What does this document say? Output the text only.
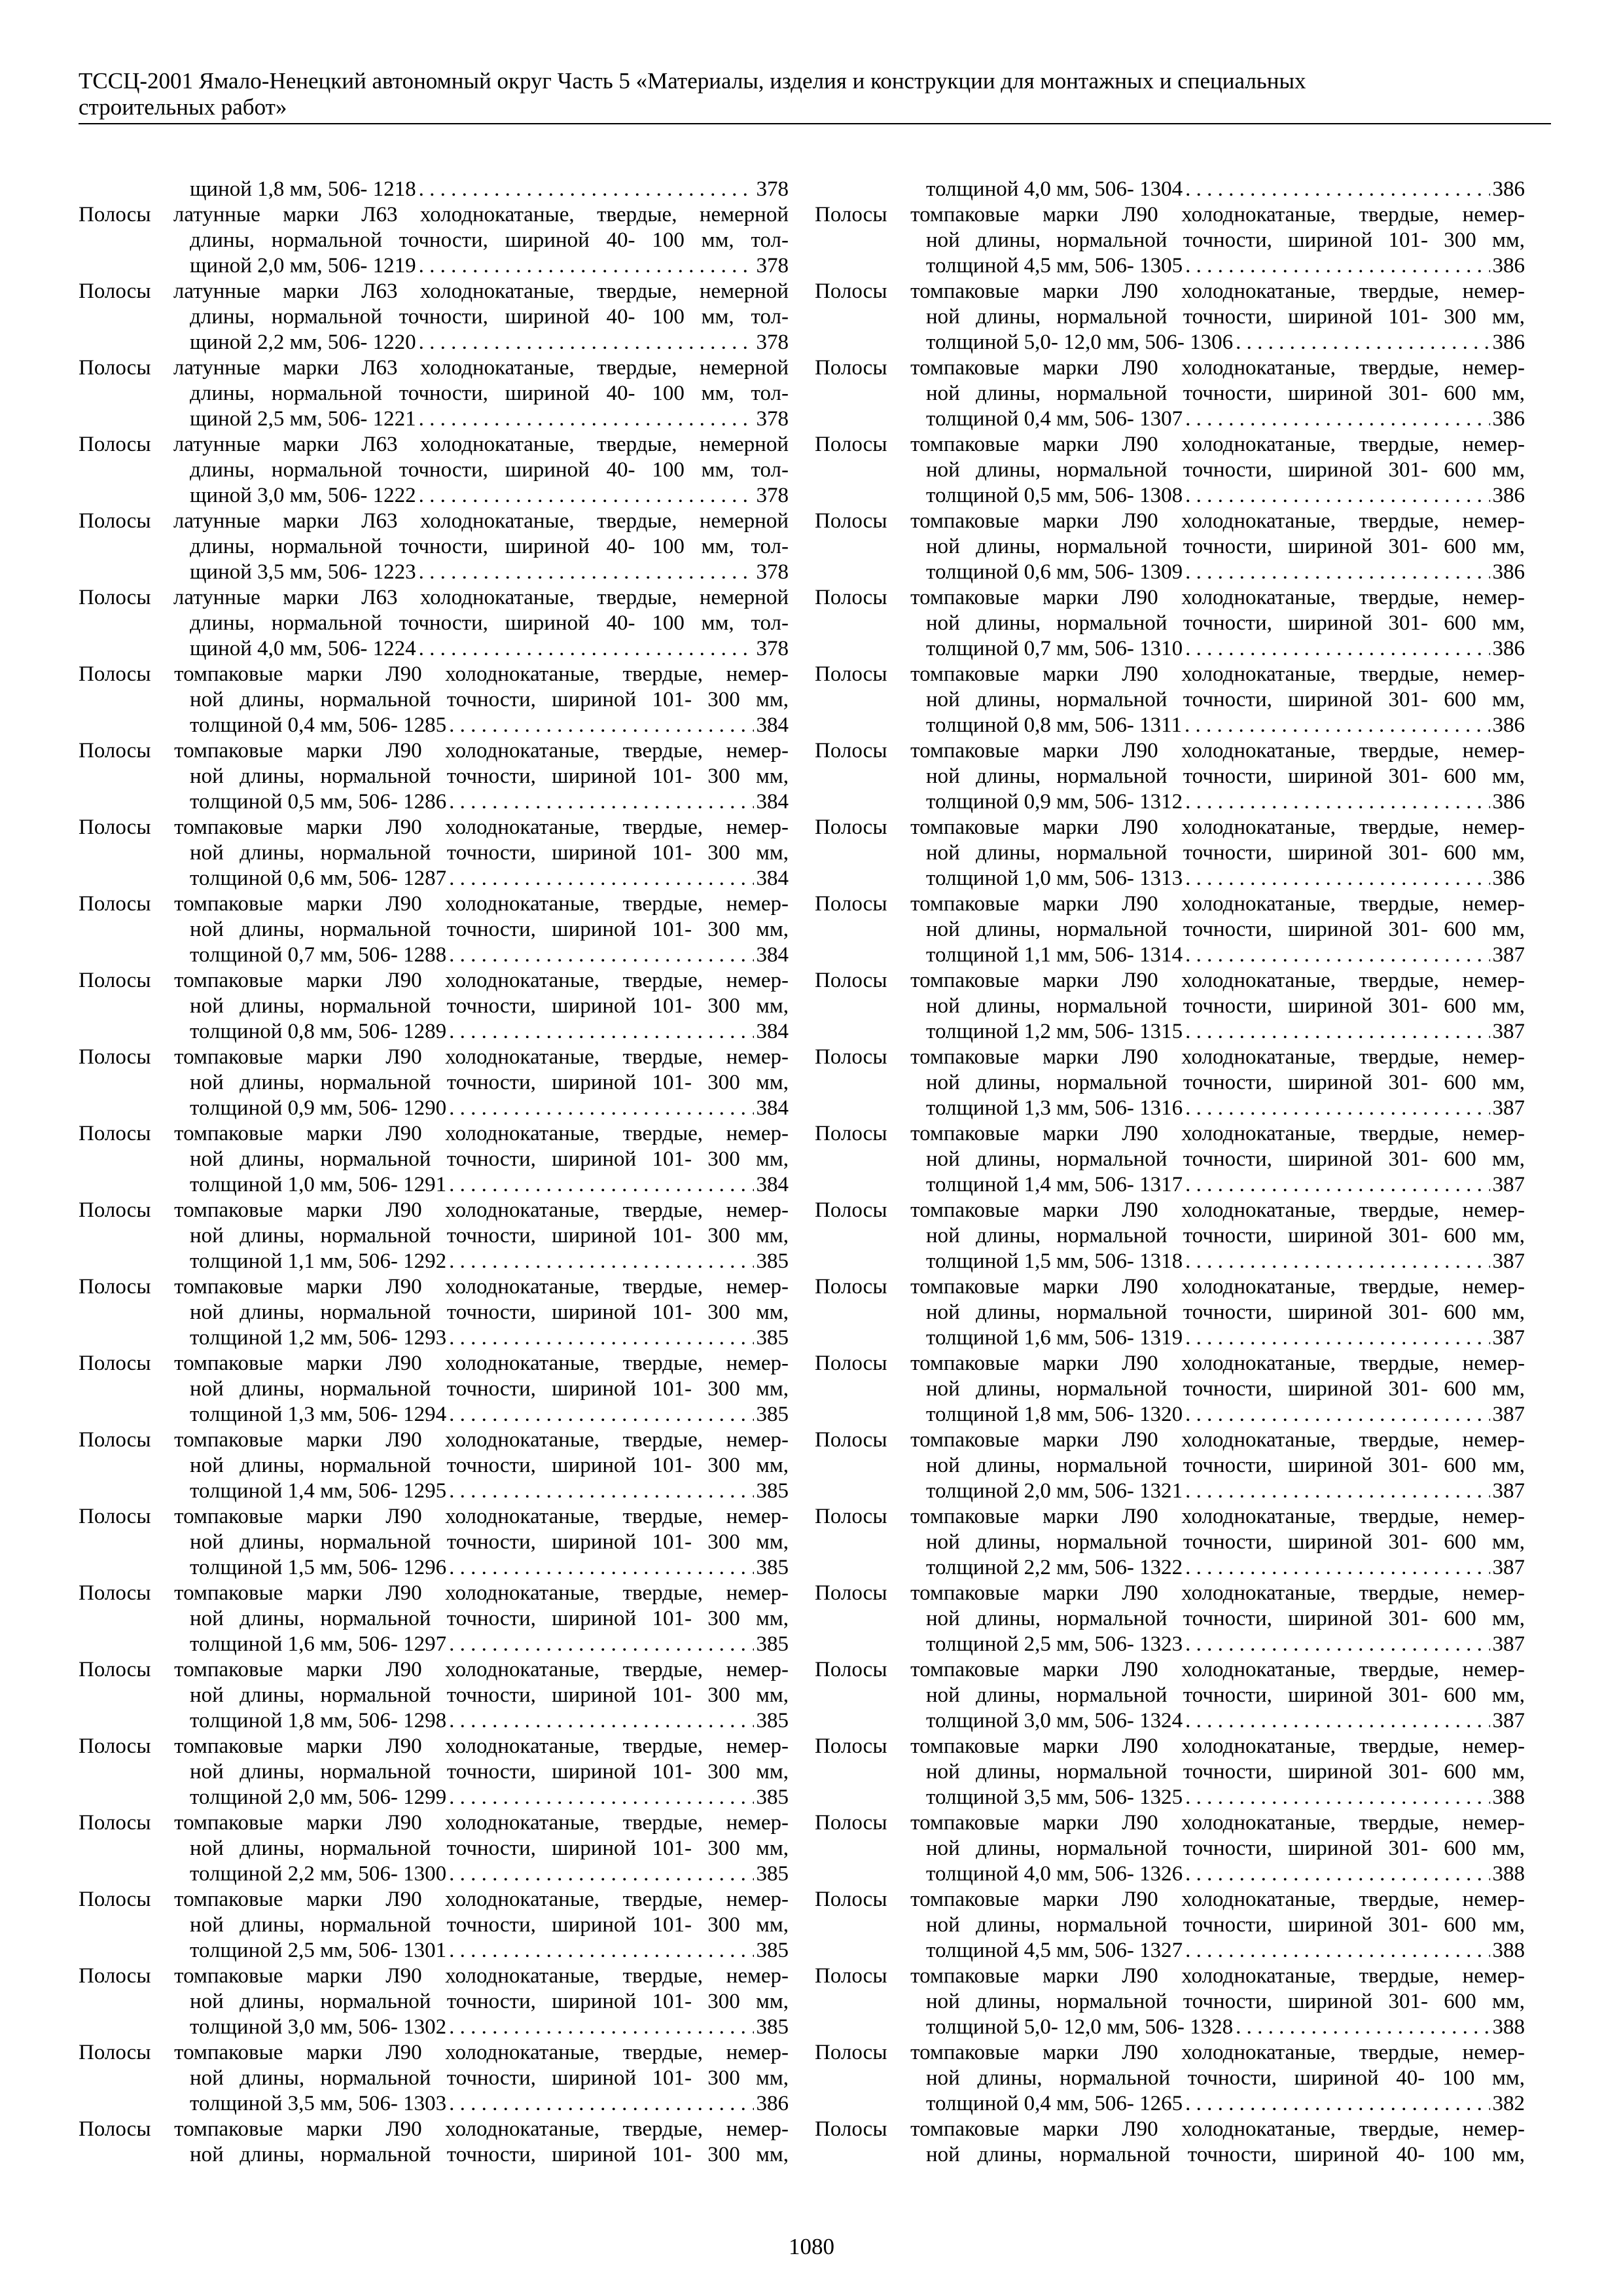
ТССЦ-2001 Ямало-Ненецкий автономный округ Часть 5 «Материалы, изделия и конструкции для монтажных и специальных
строительных работ»
щиной 1,8 мм, 506- 1218 . . .	378
Полосы латунные марки Л63 холоднокатаные, твердые, немерной
длины, нормальной точности, шириной 40- 100 мм, тол-
щиной 2,0 мм, 506- 1219 . . .	378
Полосы латунные марки Л63 холоднокатаные, твердые, немерной
длины, нормальной точности, шириной 40- 100 мм, тол-
щиной 2,2 мм, 506- 1220 . . .	378
Полосы латунные марки Л63 холоднокатаные, твердые, немерной
длины, нормальной точности, шириной 40- 100 мм, тол-
щиной 2,5 мм, 506- 1221 . . .	378
Полосы латунные марки Л63 холоднокатаные, твердые, немерной
длины, нормальной точности, шириной 40- 100 мм, тол-
щиной 3,0 мм, 506- 1222 . . .	378
Полосы латунные марки Л63 холоднокатаные, твердые, немерной
длины, нормальной точности, шириной 40- 100 мм, тол-
щиной 3,5 мм, 506- 1223 . . .	378
Полосы латунные марки Л63 холоднокатаные, твердые, немерной
длины, нормальной точности, шириной 40- 100 мм, тол-
щиной 4,0 мм, 506- 1224 . . .	378
Полосы томпаковые марки Л90 холоднокатаные, твердые, немер-
ной длины, нормальной точности, шириной 101- 300 мм,
толщиной 0,4 мм, 506- 1285 . . .	384
Полосы томпаковые марки Л90 холоднокатаные, твердые, немер-
ной длины, нормальной точности, шириной 101- 300 мм,
толщиной 0,5 мм, 506- 1286 . . .	384
Полосы томпаковые марки Л90 холоднокатаные, твердые, немер-
ной длины, нормальной точности, шириной 101- 300 мм,
толщиной 0,6 мм, 506- 1287 . . .	384
Полосы томпаковые марки Л90 холоднокатаные, твердые, немер-
ной длины, нормальной точности, шириной 101- 300 мм,
толщиной 0,7 мм, 506- 1288 . . .	384
Полосы томпаковые марки Л90 холоднокатаные, твердые, немер-
ной длины, нормальной точности, шириной 101- 300 мм,
толщиной 0,8 мм, 506- 1289 . . .	384
Полосы томпаковые марки Л90 холоднокатаные, твердые, немер-
ной длины, нормальной точности, шириной 101- 300 мм,
толщиной 0,9 мм, 506- 1290 . . .	384
Полосы томпаковые марки Л90 холоднокатаные, твердые, немер-
ной длины, нормальной точности, шириной 101- 300 мм,
толщиной 1,0 мм, 506- 1291 . . .	384
Полосы томпаковые марки Л90 холоднокатаные, твердые, немер-
ной длины, нормальной точности, шириной 101- 300 мм,
толщиной 1,1 мм, 506- 1292 . . .	385
Полосы томпаковые марки Л90 холоднокатаные, твердые, немер-
ной длины, нормальной точности, шириной 101- 300 мм,
толщиной 1,2 мм, 506- 1293 . . .	385
Полосы томпаковые марки Л90 холоднокатаные, твердые, немер-
ной длины, нормальной точности, шириной 101- 300 мм,
толщиной 1,3 мм, 506- 1294 . . .	385
Полосы томпаковые марки Л90 холоднокатаные, твердые, немер-
ной длины, нормальной точности, шириной 101- 300 мм,
толщиной 1,4 мм, 506- 1295 . . .	385
Полосы томпаковые марки Л90 холоднокатаные, твердые, немер-
ной длины, нормальной точности, шириной 101- 300 мм,
толщиной 1,5 мм, 506- 1296 . . .	385
Полосы томпаковые марки Л90 холоднокатаные, твердые, немер-
ной длины, нормальной точности, шириной 101- 300 мм,
толщиной 1,6 мм, 506- 1297 . . .	385
Полосы томпаковые марки Л90 холоднокатаные, твердые, немер-
ной длины, нормальной точности, шириной 101- 300 мм,
толщиной 1,8 мм, 506- 1298 . . .	385
Полосы томпаковые марки Л90 холоднокатаные, твердые, немер-
ной длины, нормальной точности, шириной 101- 300 мм,
толщиной 2,0 мм, 506- 1299 . . .	385
Полосы томпаковые марки Л90 холоднокатаные, твердые, немер-
ной длины, нормальной точности, шириной 101- 300 мм,
толщиной 2,2 мм, 506- 1300 . . .	385
Полосы томпаковые марки Л90 холоднокатаные, твердые, немер-
ной длины, нормальной точности, шириной 101- 300 мм,
толщиной 2,5 мм, 506- 1301 . . .	385
Полосы томпаковые марки Л90 холоднокатаные, твердые, немер-
ной длины, нормальной точности, шириной 101- 300 мм,
толщиной 3,0 мм, 506- 1302 . . .	385
Полосы томпаковые марки Л90 холоднокатаные, твердые, немер-
ной длины, нормальной точности, шириной 101- 300 мм,
толщиной 3,5 мм, 506- 1303 . . .	386
Полосы томпаковые марки Л90 холоднокатаные, твердые, немер-
ной длины, нормальной точности, шириной 101- 300 мм,
толщиной 4,0 мм, 506- 1304 . . .	386
Полосы томпаковые марки Л90 холоднокатаные, твердые, немер-
ной длины, нормальной точности, шириной 101- 300 мм,
толщиной 4,5 мм, 506- 1305 . . .	386
Полосы томпаковые марки Л90 холоднокатаные, твердые, немер-
ной длины, нормальной точности, шириной 101- 300 мм,
толщиной 5,0- 12,0 мм, 506- 1306 . . .	386
Полосы томпаковые марки Л90 холоднокатаные, твердые, немер-
ной длины, нормальной точности, шириной 301- 600 мм,
толщиной 0,4 мм, 506- 1307 . . .	386
Полосы томпаковые марки Л90 холоднокатаные, твердые, немер-
ной длины, нормальной точности, шириной 301- 600 мм,
толщиной 0,5 мм, 506- 1308 . . .	386
Полосы томпаковые марки Л90 холоднокатаные, твердые, немер-
ной длины, нормальной точности, шириной 301- 600 мм,
толщиной 0,6 мм, 506- 1309 . . .	386
Полосы томпаковые марки Л90 холоднокатаные, твердые, немер-
ной длины, нормальной точности, шириной 301- 600 мм,
толщиной 0,7 мм, 506- 1310 . . .	386
Полосы томпаковые марки Л90 холоднокатаные, твердые, немер-
ной длины, нормальной точности, шириной 301- 600 мм,
толщиной 0,8 мм, 506- 1311 . . .	386
Полосы томпаковые марки Л90 холоднокатаные, твердые, немер-
ной длины, нормальной точности, шириной 301- 600 мм,
толщиной 0,9 мм, 506- 1312 . . .	386
Полосы томпаковые марки Л90 холоднокатаные, твердые, немер-
ной длины, нормальной точности, шириной 301- 600 мм,
толщиной 1,0 мм, 506- 1313 . . .	386
Полосы томпаковые марки Л90 холоднокатаные, твердые, немер-
ной длины, нормальной точности, шириной 301- 600 мм,
толщиной 1,1 мм, 506- 1314 . . .	387
Полосы томпаковые марки Л90 холоднокатаные, твердые, немер-
ной длины, нормальной точности, шириной 301- 600 мм,
толщиной 1,2 мм, 506- 1315 . . .	387
Полосы томпаковые марки Л90 холоднокатаные, твердые, немер-
ной длины, нормальной точности, шириной 301- 600 мм,
толщиной 1,3 мм, 506- 1316 . . .	387
Полосы томпаковые марки Л90 холоднокатаные, твердые, немер-
ной длины, нормальной точности, шириной 301- 600 мм,
толщиной 1,4 мм, 506- 1317 . . .	387
Полосы томпаковые марки Л90 холоднокатаные, твердые, немер-
ной длины, нормальной точности, шириной 301- 600 мм,
толщиной 1,5 мм, 506- 1318 . . .	387
Полосы томпаковые марки Л90 холоднокатаные, твердые, немер-
ной длины, нормальной точности, шириной 301- 600 мм,
толщиной 1,6 мм, 506- 1319 . . .	387
Полосы томпаковые марки Л90 холоднокатаные, твердые, немер-
ной длины, нормальной точности, шириной 301- 600 мм,
толщиной 1,8 мм, 506- 1320 . . .	387
Полосы томпаковые марки Л90 холоднокатаные, твердые, немер-
ной длины, нормальной точности, шириной 301- 600 мм,
толщиной 2,0 мм, 506- 1321 . . .	387
Полосы томпаковые марки Л90 холоднокатаные, твердые, немер-
ной длины, нормальной точности, шириной 301- 600 мм,
толщиной 2,2 мм, 506- 1322 . . .	387
Полосы томпаковые марки Л90 холоднокатаные, твердые, немер-
ной длины, нормальной точности, шириной 301- 600 мм,
толщиной 2,5 мм, 506- 1323 . . .	387
Полосы томпаковые марки Л90 холоднокатаные, твердые, немер-
ной длины, нормальной точности, шириной 301- 600 мм,
толщиной 3,0 мм, 506- 1324 . . .	387
Полосы томпаковые марки Л90 холоднокатаные, твердые, немер-
ной длины, нормальной точности, шириной 301- 600 мм,
толщиной 3,5 мм, 506- 1325 . . .	388
Полосы томпаковые марки Л90 холоднокатаные, твердые, немер-
ной длины, нормальной точности, шириной 301- 600 мм,
толщиной 4,0 мм, 506- 1326 . . .	388
Полосы томпаковые марки Л90 холоднокатаные, твердые, немер-
ной длины, нормальной точности, шириной 301- 600 мм,
толщиной 4,5 мм, 506- 1327 . . .	388
Полосы томпаковые марки Л90 холоднокатаные, твердые, немер-
ной длины, нормальной точности, шириной 301- 600 мм,
толщиной 5,0- 12,0 мм, 506- 1328 . . .	388
Полосы томпаковые марки Л90 холоднокатаные, твердые, немер-
ной длины, нормальной точности, шириной 40- 100 мм,
толщиной 0,4 мм, 506- 1265 . . .	382
Полосы томпаковые марки Л90 холоднокатаные, твердые, немер-
ной длины, нормальной точности, шириной 40- 100 мм,
1080
